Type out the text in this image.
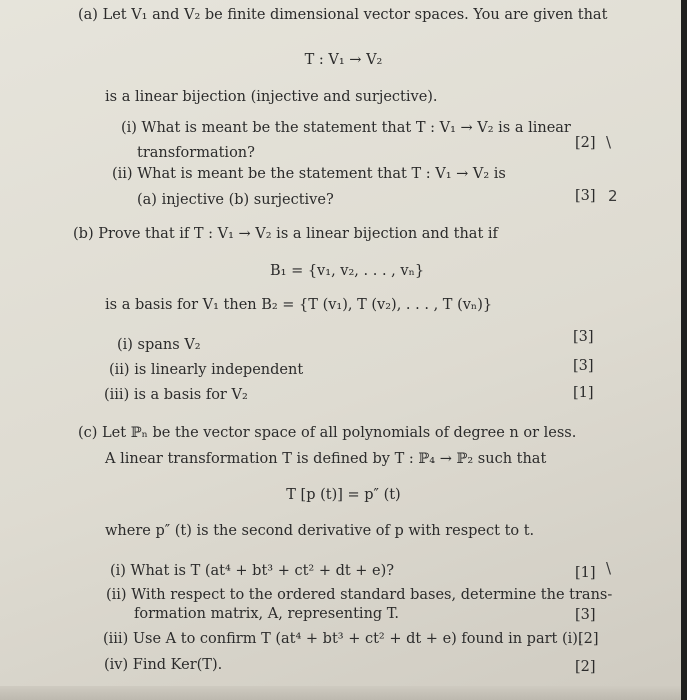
(a) Let V₁ and V₂ be finite dimensional vector spaces. You are given that
T : V₁ → V₂
is a linear bijection (injective and surjective).
(i) What is meant be the statement that T : V₁ → V₂ is a linear
transformation?
[2] \
(ii) What is meant be the statement that T : V₁ → V₂ is
(a) injective (b) surjective?	[3] 2
(b) Prove that if T : V₁ → V₂ is a linear bijection and that if
B₁ = {v₁, v₂, . . . , vₙ}
is a basis for V₁ then B₂ = {T (v₁), T (v₂), . . . , T (vₙ)}
(i) spans V₂	[3]
(ii) is linearly independent	[3]
(iii) is a basis for V₂	[1]
(c) Let ℙₙ be the vector space of all polynomials of degree n or less.
A linear transformation T is defined by T : ℙ₄ → ℙ₂ such that
T [p (t)] = p″ (t)
where p″ (t) is the second derivative of p with respect to t.
(i) What is T (at⁴ + bt³ + ct² + dt + e)?	[1] \
(ii) With respect to the ordered standard bases, determine the trans-
formation matrix, A, representing T.	[3]
(iii) Use A to confirm T (at⁴ + bt³ + ct² + dt + e) found in part (i).
[2]
(iv) Find Ker(T).	[2]
